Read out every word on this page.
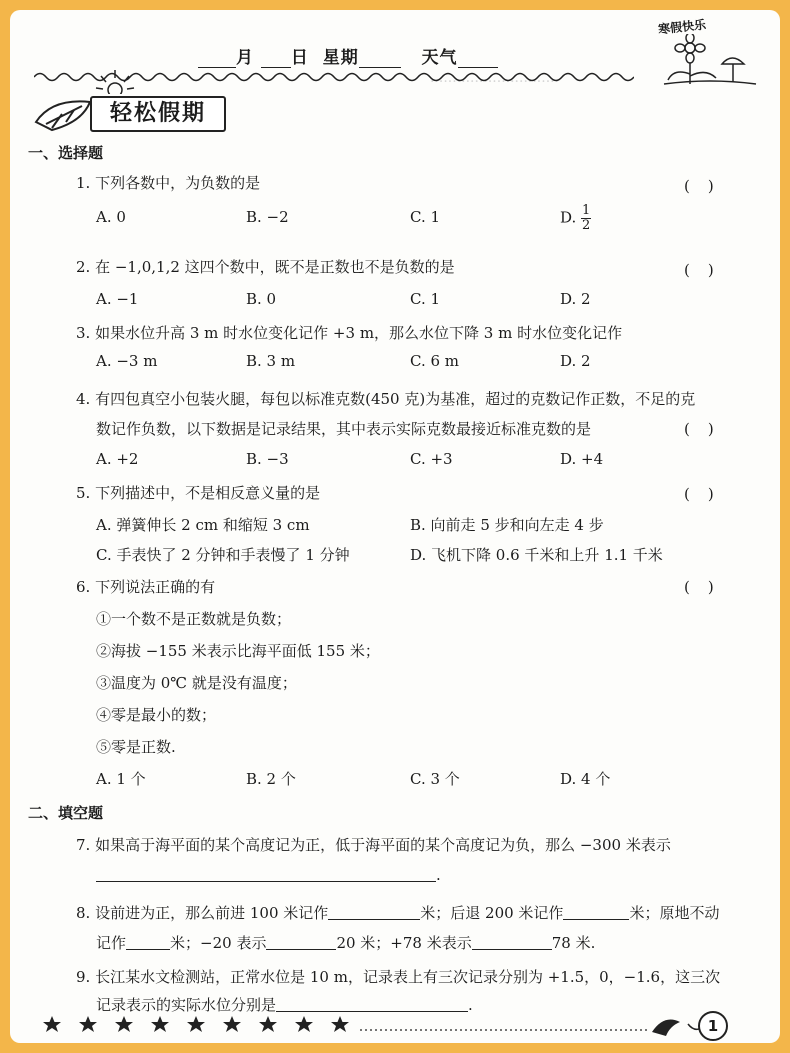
·····························
月 日 星期	天气
寒假快乐
轻松假期
一、选择题
1. 下列各数中，为负数的是	()
A. 0	B. −2	C. 1	D. $\frac{1}{2}$
2. 在 −1,0,1,2 这四个数中，既不是正数也不是负数的是	()
A. −1	B. 0	C. 1	D. 2
3. 如果水位升高 3 m 时水位变化记作 +3 m，那么水位下降 3 m 时水位变化记作
A. −3 m	B. 3 m	C. 6 m	D. 2
4. 有四包真空小包装火腿，每包以标准克数(450 克)为基准，超过的克数记作正数，不足的克
数记作负数，以下数据是记录结果，其中表示实际克数最接近标准克数的是	()
A. +2	B. −3	C. +3	D. +4
5. 下列描述中，不是相反意义量的是	()
A. 弹簧伸长 2 cm 和缩短 3 cm	B. 向前走 5 步和向左走 4 步
C. 手表快了 2 分钟和手表慢了 1 分钟	D. 飞机下降 0.6 千米和上升 1.1 千米
6. 下列说法正确的有	()
①一个数不是正数就是负数；
②海拔 −155 米表示比海平面低 155 米；
③温度为 0℃ 就是没有温度；
④零是最小的数；
⑤零是正数.
A. 1 个	B. 2 个	C. 3 个	D. 4 个
二、填空题
7. 如果高于海平面的某个高度记为正，低于海平面的某个高度记为负，那么 −300 米表示
.
8. 设前进为正，那么前进 100 米记作	米；后退 200 米记作	米；原地不动
记作	米；−20 表示	20 米；+78 米表示	78 米.
9. 长江某水文检测站，正常水位是 10 m，记录表上有三次记录分别为 +1.5，0，−1.6，这三次
记录表示的实际水位分别是	.
1
